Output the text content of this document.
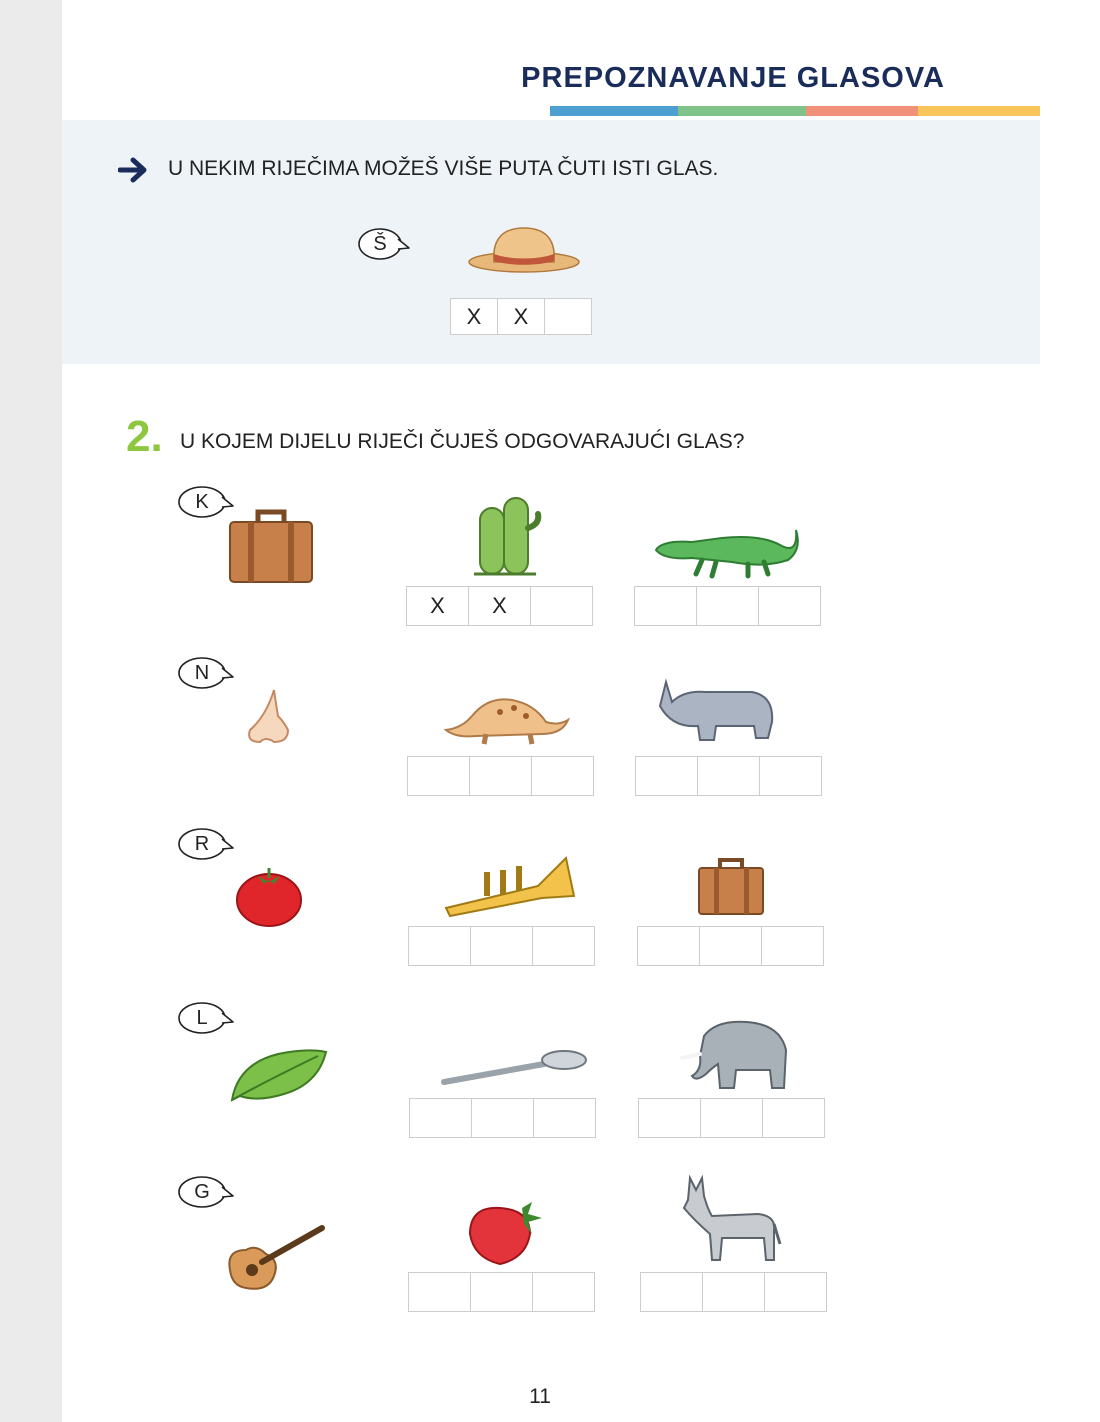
PREPOZNAVANJE GLASOVA
U NEKIM RIJEČIMA MOŽEŠ VIŠE PUTA ČUTI ISTI GLAS.
Š
X	X
2. U KOJEM DIJELU RIJEČI ČUJEŠ ODGOVARAJUĆI GLAS?
K
X	X
N
R
L
G
11
